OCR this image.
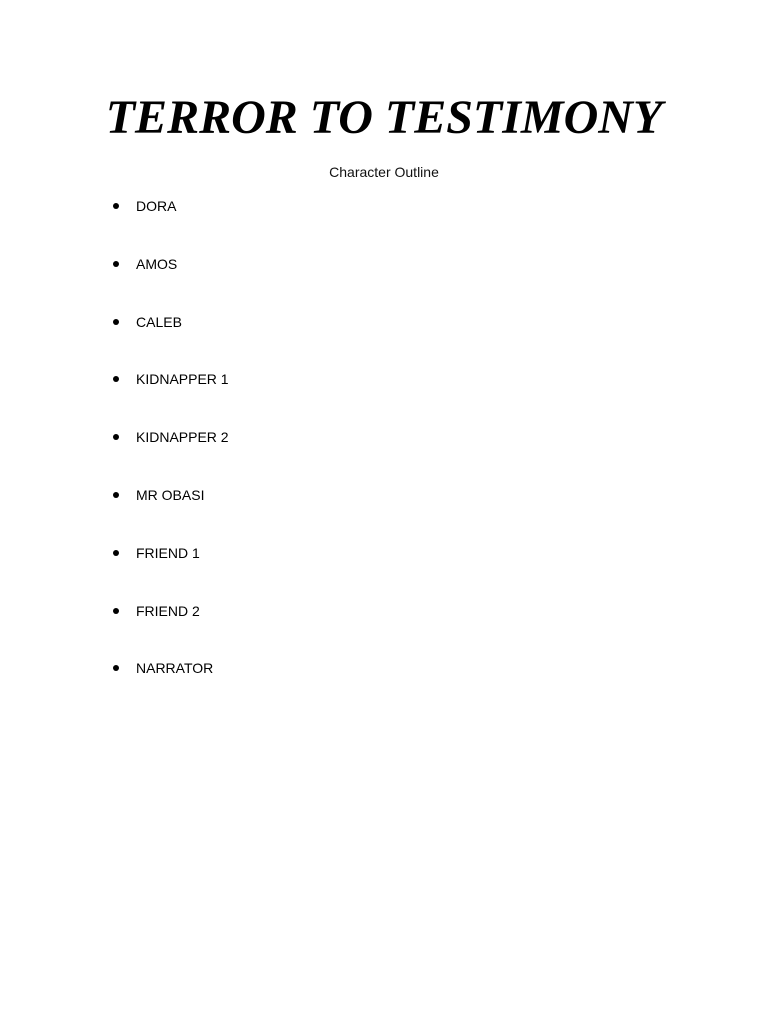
TERROR TO TESTIMONY

Character Outline

DORA
AMOS
CALEB
KIDNAPPER 1
KIDNAPPER 2
MR OBASI
FRIEND 1
FRIEND 2
NARRATOR
